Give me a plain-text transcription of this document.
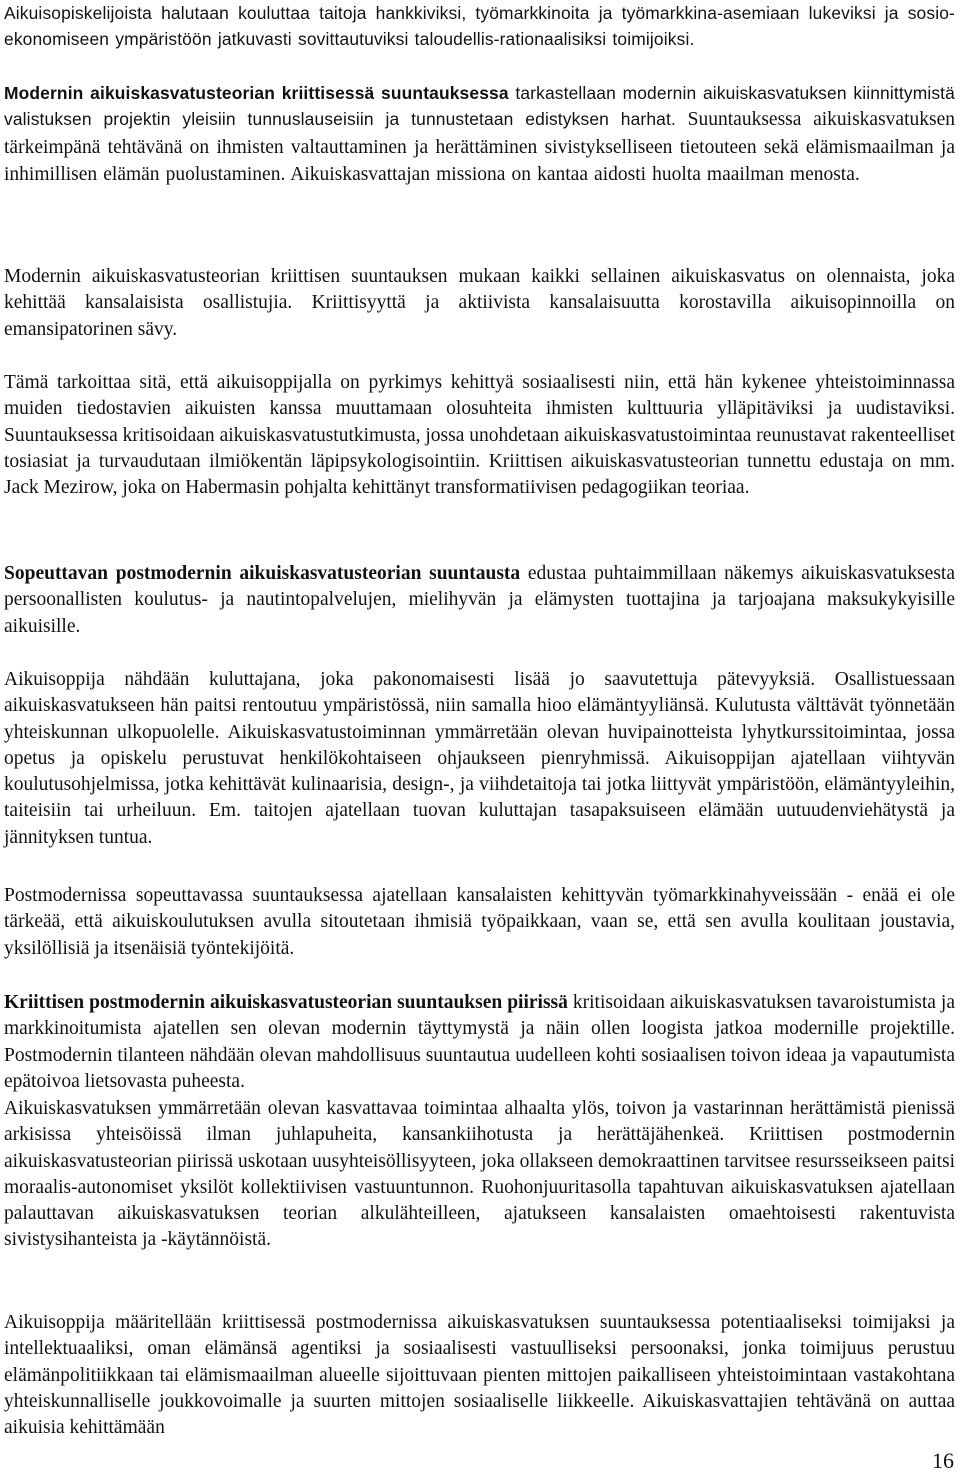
Aikuisopiskelijoista halutaan kouluttaa taitoja hankkiviksi, työmarkkinoita ja työmarkkina-asemiaan lukeviksi ja sosio-ekonomiseen ympäristöön jatkuvasti sovittautuviksi taloudellis-rationaalisiksi toimijoiksi.

Modernin aikuiskasvatusteorian kriittisessä suuntauksessa tarkastellaan modernin aikuiskasvatuksen kiinnittymistä valistuksen projektin yleisiin tunnuslauseisiin ja tunnustetaan edistyksen harhat. Suuntauksessa aikuiskasvatuksen tärkeimpänä tehtävänä on ihmisten valtauttaminen ja herättäminen sivistykselliseen tietouteen sekä elämismaailman ja inhimillisen elämän puolustaminen. Aikuiskasvattajan missiona on kantaa aidosti huolta maailman menosta.

Modernin aikuiskasvatusteorian kriittisen suuntauksen mukaan kaikki sellainen aikuiskasvatus on olennaista, joka kehittää kansalaisista osallistujia. Kriittisyyttä ja aktiivista kansalaisuutta korostavilla aikuisopinnoilla on emansipatorinen sävy.

Tämä tarkoittaa sitä, että aikuisoppijalla on pyrkimys kehittyä sosiaalisesti niin, että hän kykenee yhteistoiminnassa muiden tiedostavien aikuisten kanssa muuttamaan olosuhteita ihmisten kulttuuria ylläpitäviksi ja uudistaviksi. Suuntauksessa kritisoidaan aikuiskasvatustutkimusta, jossa unohdetaan aikuiskasvatustoimintaa reunustavat rakenteelliset tosiasiat ja turvaudutaan ilmiökentän läpipsykologisointiin. Kriittisen aikuiskasvatusteorian tunnettu edustaja on mm. Jack Mezirow, joka on Habermasin pohjalta kehittänyt transformatiivisen pedagogiikan teoriaa.

Sopeuttavan postmodernin aikuiskasvatusteorian suuntausta edustaa puhtaimmillaan näkemys aikuiskasvatuksesta persoonallisten koulutus- ja nautintopalvelujen, mielihyvän ja elämysten tuottajina ja tarjoajana maksukykyisille aikuisille.

Aikuisoppija nähdään kuluttajana, joka pakonomaisesti lisää jo saavutettuja pätevyyksiä. Osallistuessaan aikuiskasvatukseen hän paitsi rentoutuu ympäristössä, niin samalla hioo elämäntyyliänsä. Kulutusta välttävät työnnetään yhteiskunnan ulkopuolelle. Aikuiskasvatustoiminnan ymmärretään olevan huvipainotteista lyhytkurssitoimintaa, jossa opetus ja opiskelu perustuvat henkilökohtaiseen ohjaukseen pienryhmissä. Aikuisoppijan ajatellaan viihtyvän koulutusohjelmissa, jotka kehittävät kulinaarisia, design-, ja viihdetaitoja tai jotka liittyvät ympäristöön, elämäntyyleihin, taiteisiin tai urheiluun. Em. taitojen ajatellaan tuovan kuluttajan tasapaksuiseen elämään uutuudenviehätystä ja jännityksen tuntua.

Postmodernissa sopeuttavassa suuntauksessa ajatellaan kansalaisten kehittyvän työmarkkinahyveissään - enää ei ole tärkeää, että aikuiskoulutuksen avulla sitoutetaan ihmisiä työpaikkaan, vaan se, että sen avulla koulitaan joustavia, yksilöllisiä ja itsenäisiä työntekijöitä.

Kriittisen postmodernin aikuiskasvatusteorian suuntauksen piirissä kritisoidaan aikuiskasvatuksen tavaroistumista ja markkinoitumista ajatellen sen olevan modernin täyttymystä ja näin ollen loogista jatkoa modernille projektille. Postmodernin tilanteen nähdään olevan mahdollisuus suuntautua uudelleen kohti sosiaalisen toivon ideaa ja vapautumista epätoivoa lietsovasta puheesta.

Aikuiskasvatuksen ymmärretään olevan kasvattavaa toimintaa alhaalta ylös, toivon ja vastarinnan herättämistä pienissä arkisissa yhteisöissä ilman juhlapuheita, kansankiihotusta ja herättäjähenkeä. Kriittisen postmodernin aikuiskasvatusteorian piirissä uskotaan uusyhteisöllisyyteen, joka ollakseen demokraattinen tarvitsee resursseikseen paitsi moraalis-autonomiset yksilöt kollektiivisen vastuuntunnon. Ruohonjuuritasolla tapahtuvan aikuiskasvatuksen ajatellaan palauttavan aikuiskasvatuksen teorian alkulähteilleen, ajatukseen kansalaisten omaehtoisesti rakentuvista sivistysihanteista ja -käytännöistä.

Aikuisoppija määritellään kriittisessä postmodernissa aikuiskasvatuksen suuntauksessa potentiaaliseksi toimijaksi ja intellektuaaliksi, oman elämänsä agentiksi ja sosiaalisesti vastuulliseksi persoonaksi, jonka toimijuus perustuu elämänpolitiikkaan tai elämismaailman alueelle sijoittuvaan pienten mittojen paikalliseen yhteistoimintaan vastakohtana yhteiskunnalliselle joukkovoimalle ja suurten mittojen sosiaaliselle liikkeelle. Aikuiskasvattajien tehtävänä on auttaa aikuisia kehittämään

16
